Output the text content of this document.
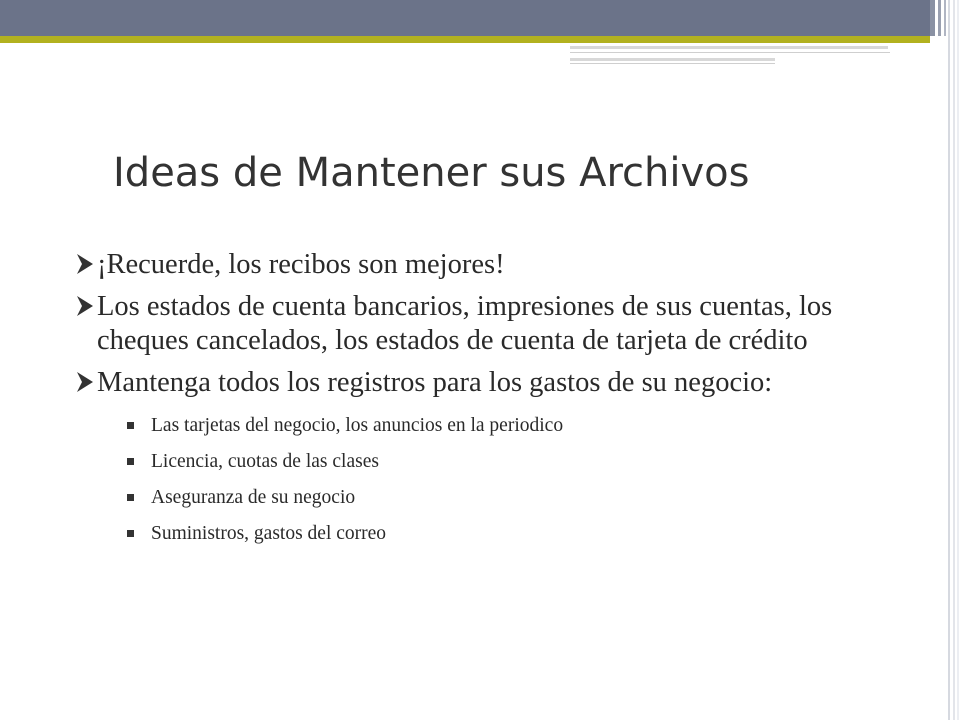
Ideas de Mantener sus Archivos
¡Recuerde, los recibos son mejores!
Los estados de cuenta bancarios, impresiones de sus cuentas, los cheques cancelados, los estados de cuenta de tarjeta de crédito
Mantenga todos los registros para los gastos de su negocio:
Las tarjetas del negocio, los anuncios en la periodico
Licencia, cuotas de las clases
Aseguranza de su negocio
Suministros, gastos del correo
